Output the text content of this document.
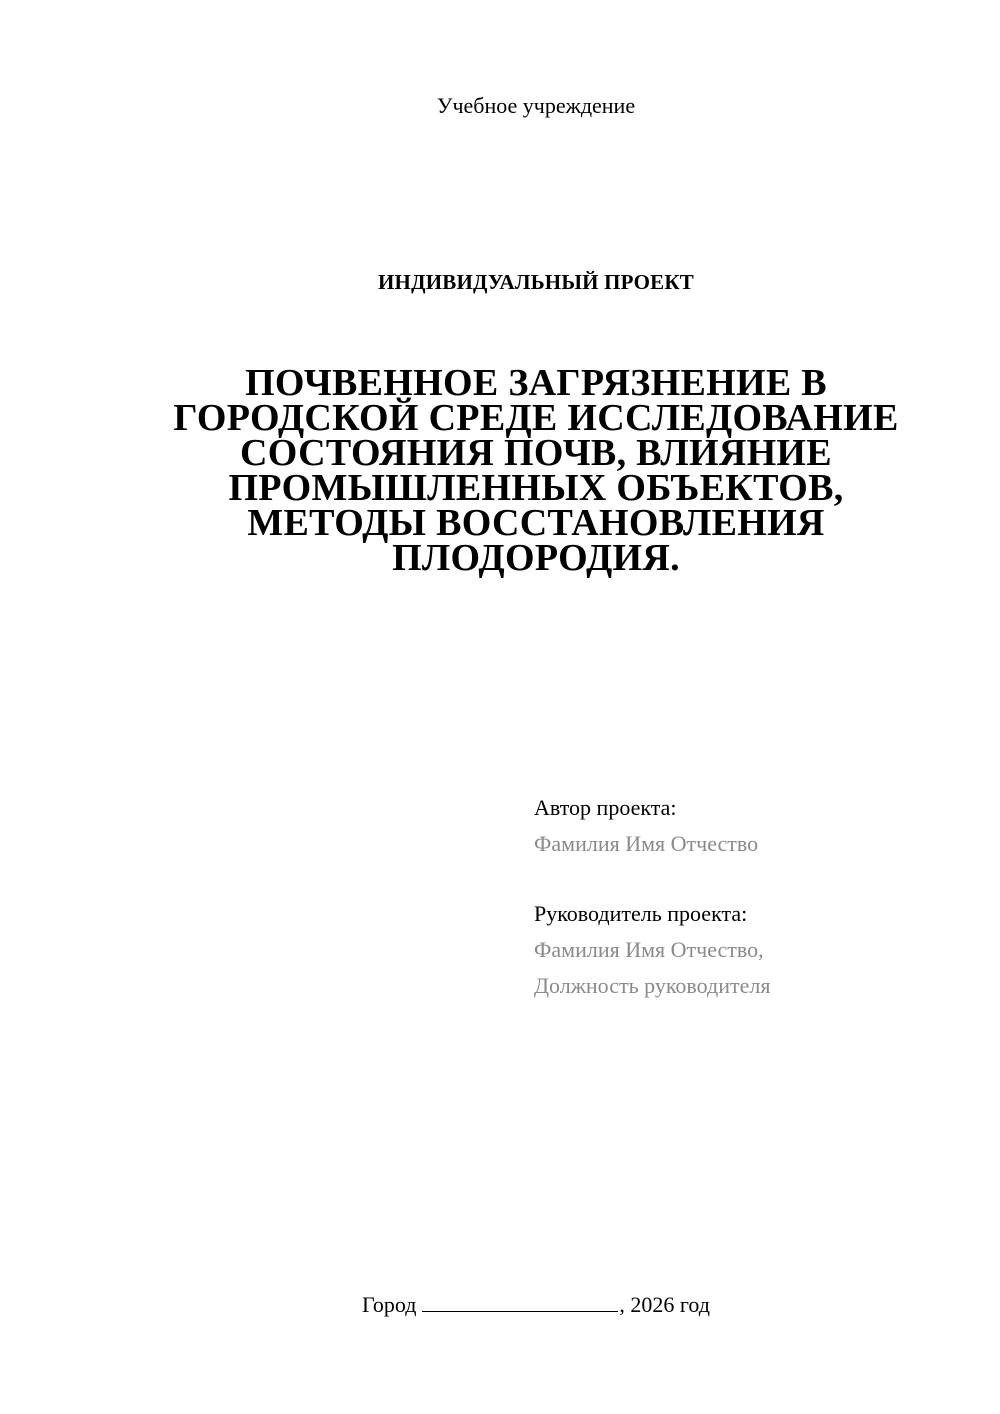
Учебное учреждение
ИНДИВИДУАЛЬНЫЙ ПРОЕКТ
ПОЧВЕННОЕ ЗАГРЯЗНЕНИЕ В
ГОРОДСКОЙ СРЕДЕ ИССЛЕДОВАНИЕ
СОСТОЯНИЯ ПОЧВ, ВЛИЯНИЕ
ПРОМЫШЛЕННЫХ ОБЪЕКТОВ,
МЕТОДЫ ВОССТАНОВЛЕНИЯ
ПЛОДОРОДИЯ.
Автор проекта:
Фамилия Имя Отчество
Руководитель проекта:
Фамилия Имя Отчество,
Должность руководителя
Город	, 2026 год
